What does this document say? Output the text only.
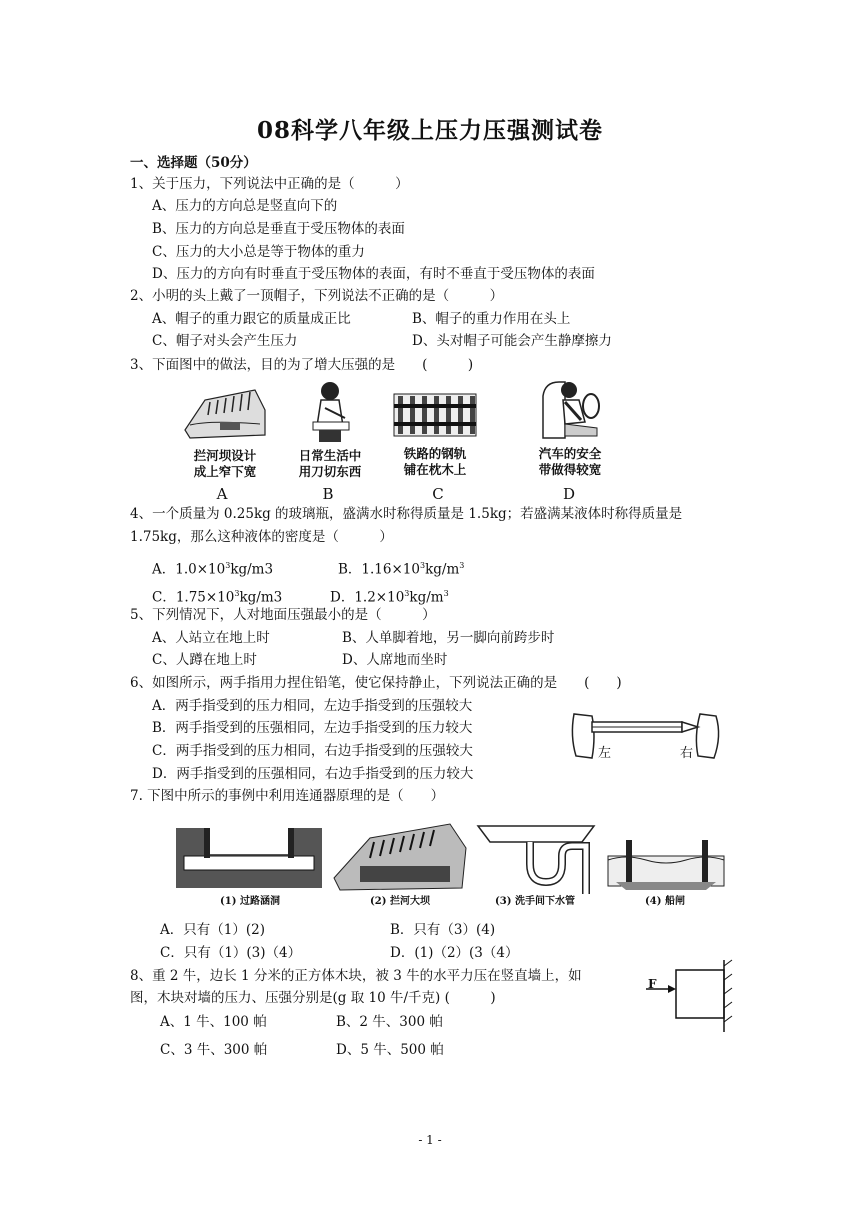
08科学八年级上压力压强测试卷
一、选择题（50分）
1、关于压力，下列说法中正确的是（　　　）
A、压力的方向总是竖直向下的
B、压力的方向总是垂直于受压物体的表面
C、压力的大小总是等于物体的重力
D、压力的方向有时垂直于受压物体的表面，有时不垂直于受压物体的表面
2、小明的头上戴了一顶帽子，下列说法不正确的是（　　　）
A、帽子的重力跟它的质量成正比	B、帽子的重力作用在头上
C、帽子对头会产生压力	D、头对帽子可能会产生静摩擦力
3、下面图中的做法，目的为了增大压强的是　　(　　　)
拦河坝设计
成上窄下宽
日常生活中
用刀切东西
铁路的钢轨
铺在枕木上
汽车的安全
带做得较宽
A	B	C	D
4、一个质量为 0.25kg 的玻璃瓶，盛满水时称得质量是 1.5kg；若盛满某液体时称得质量是
1.75kg，那么这种液体的密度是（　　　）
A．$1.0\times 10^3kg/m3$	B．$1.16\times 10^3kg/m^3$
C．$1.75\times 10^3kg/m3$	D．$1.2\times 10^3kg/m^3$
5、下列情况下，人对地面压强最小的是（　　　）
A、人站立在地上时	B、人单脚着地，另一脚向前跨步时
C、人蹲在地上时	D、人席地而坐时
6、如图所示，两手指用力捏住铅笔，使它保持静止，下列说法正确的是　　(　　)
A．两手指受到的压力相同，左边手指受到的压强较大
B．两手指受到的压强相同，左边手指受到的压力较大
C．两手指受到的压力相同，右边手指受到的压强较大
D．两手指受到的压强相同，右边手指受到的压力较大
左	右
7. 下图中所示的事例中利用连通器原理的是（　　）
(1) 过路涵洞	(2) 拦河大坝	(3) 洗手间下水管	(4) 船闸
A．只有（1）(2)	B．只有（3）(4)
C．只有（1）(3)（4）	D．(1)（2）(3（4）
8、重 2 牛，边长 1 分米的正方体木块，被 3 牛的水平力压在竖直墙上，如
图，木块对墙的压力、压强分别是(g 取 10 牛/千克) (　　　)
A、1 牛、100 帕	B、2 牛、300 帕
C、3 牛、300 帕	D、5 牛、500 帕
F
- 1 -
